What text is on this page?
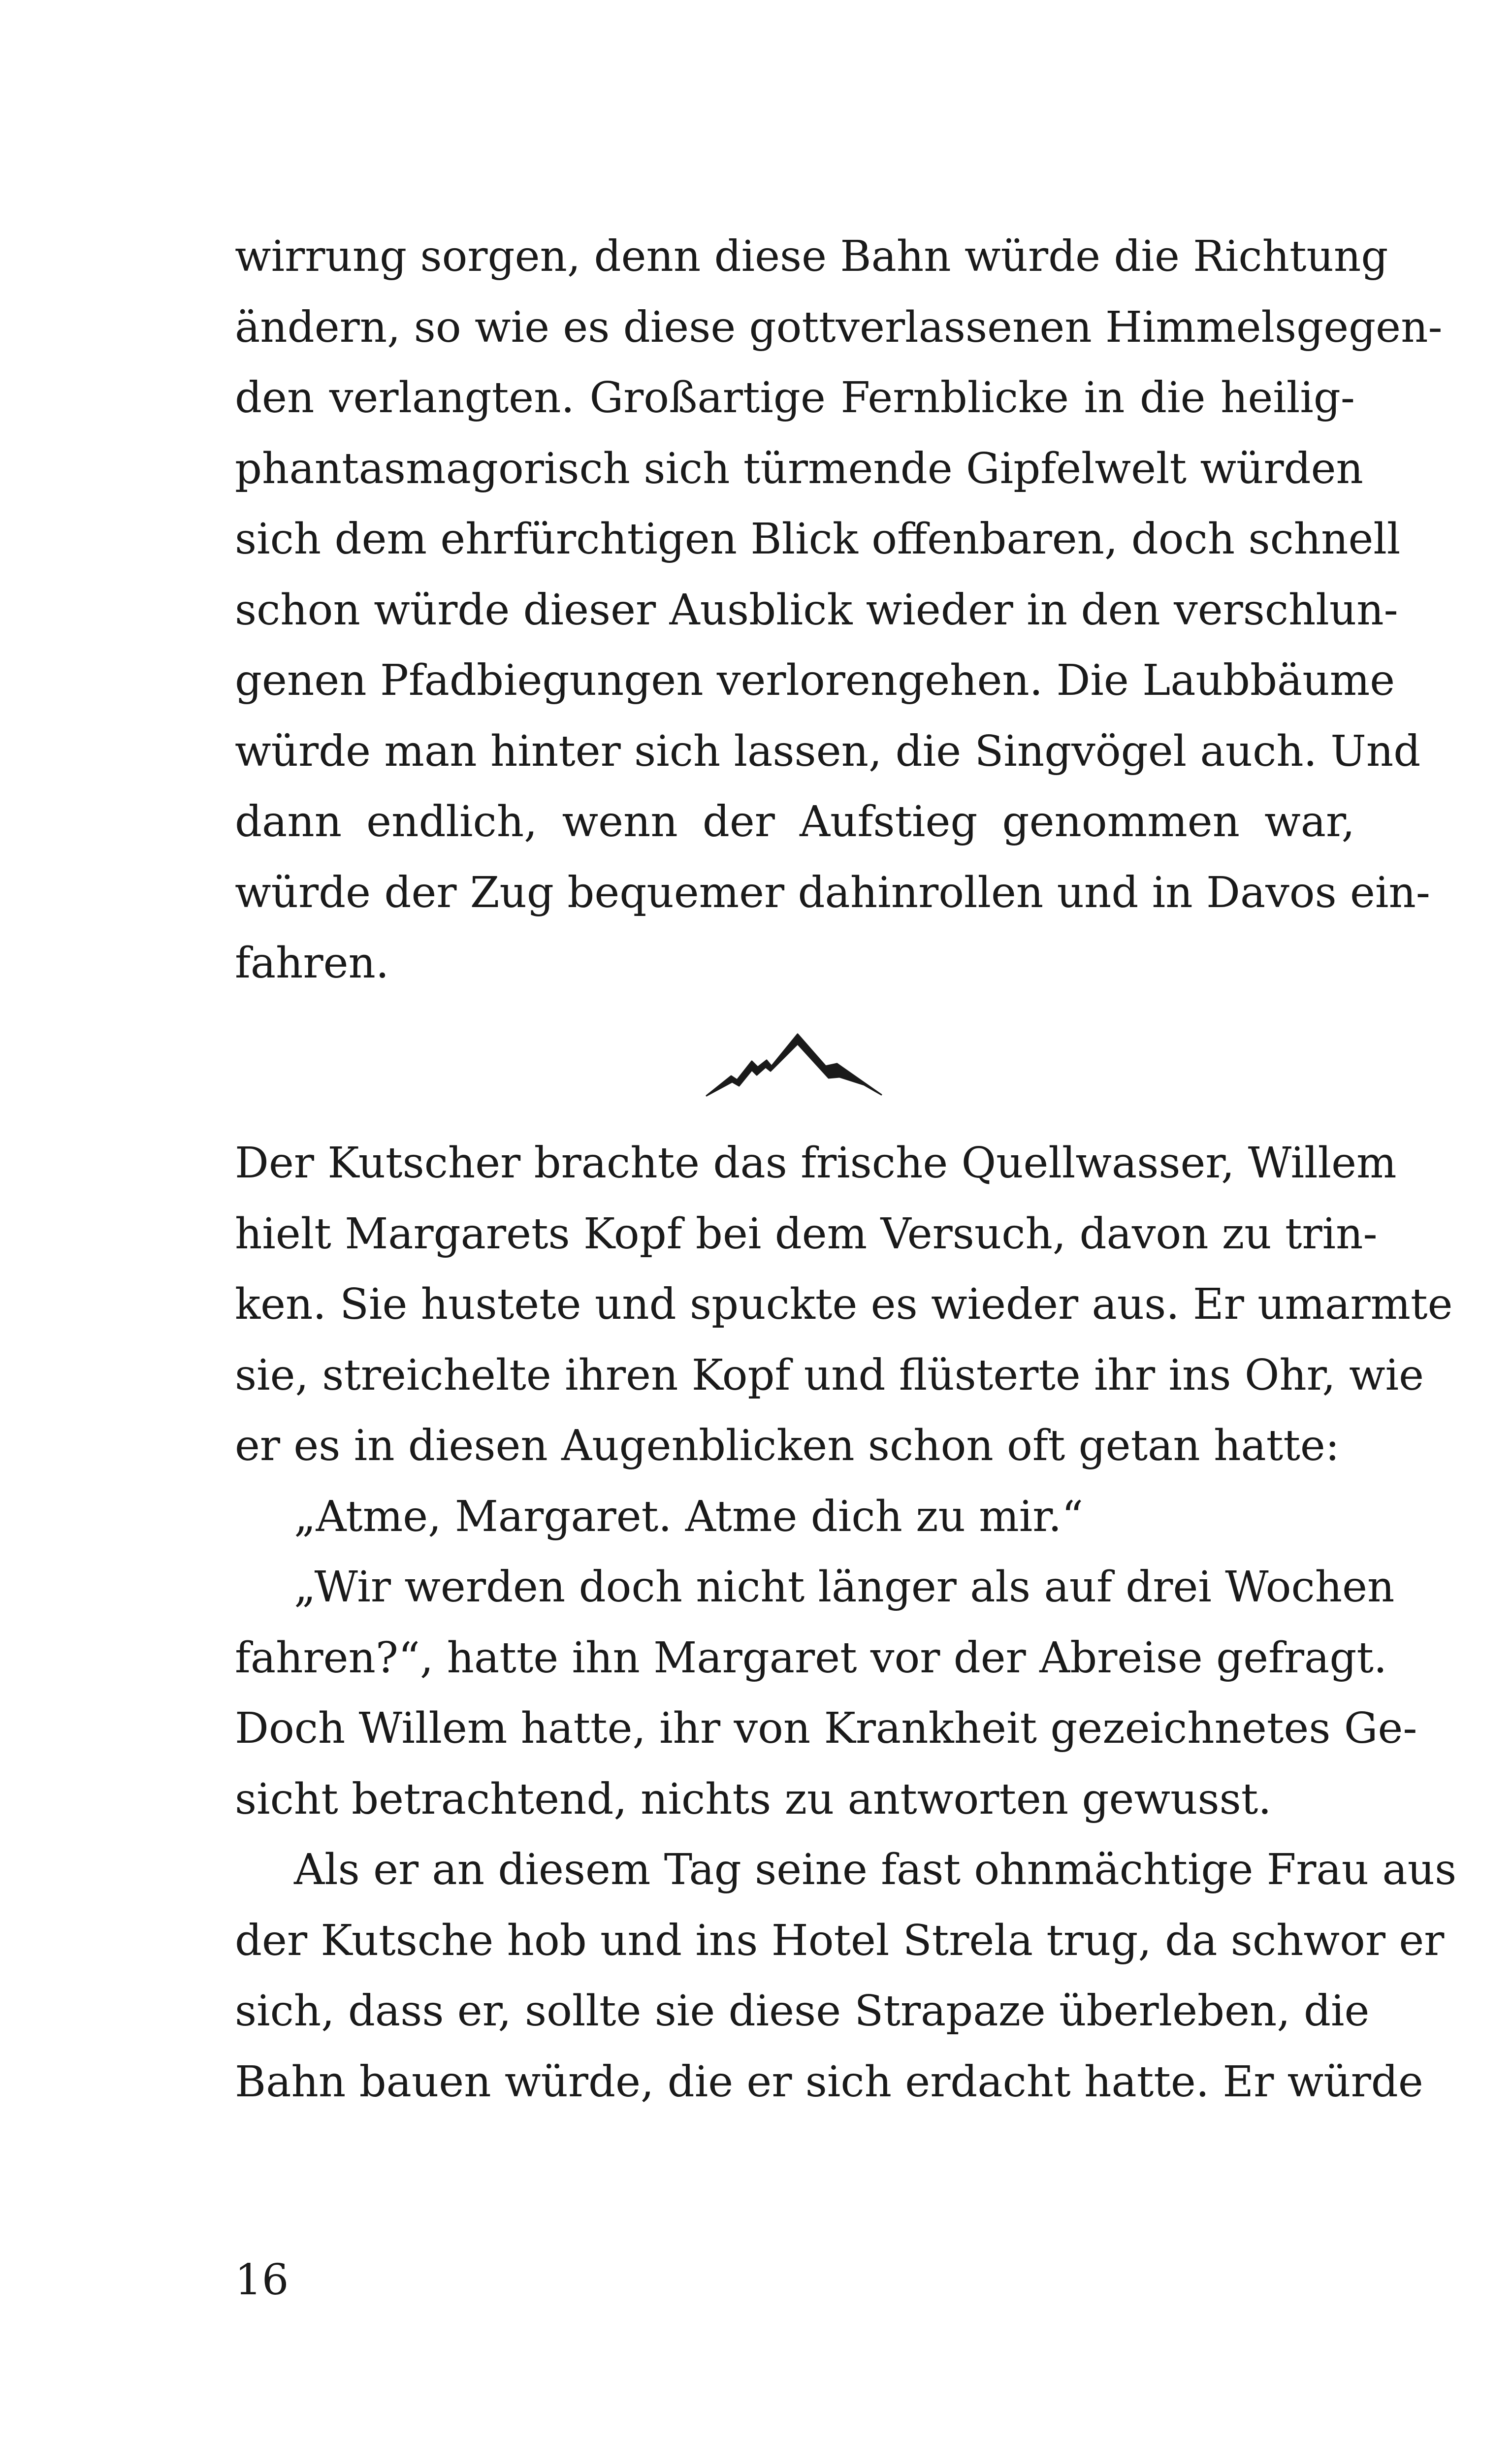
wirrung sorgen, denn diese Bahn würde die Richtung
ändern, so wie es diese gottverlassenen Himmelsgegen-
den verlangten. Großartige Fernblicke in die heilig-
phantasmagorisch sich türmende Gipfelwelt würden
sich dem ehrfürchtigen Blick offenbaren, doch schnell
schon würde dieser Ausblick wieder in den verschlun-
genen Pfadbiegungen verlorengehen. Die Laubbäume
würde man hinter sich lassen, die Singvögel auch. Und
dann endlich, wenn der Aufstieg genommen war,
würde der Zug bequemer dahinrollen und in Davos ein-
fahren.

Der Kutscher brachte das frische Quellwasser, Willem
hielt Margarets Kopf bei dem Versuch, davon zu trin-
ken. Sie hustete und spuckte es wieder aus. Er umarmte
sie, streichelte ihren Kopf und flüsterte ihr ins Ohr, wie
er es in diesen Augenblicken schon oft getan hatte:

„Atme, Margaret. Atme dich zu mir.“

„Wir werden doch nicht länger als auf drei Wochen
fahren?“, hatte ihn Margaret vor der Abreise gefragt.
Doch Willem hatte, ihr von Krankheit gezeichnetes Ge-
sicht betrachtend, nichts zu antworten gewusst.

Als er an diesem Tag seine fast ohnmächtige Frau aus
der Kutsche hob und ins Hotel Strela trug, da schwor er
sich, dass er, sollte sie diese Strapaze überleben, die
Bahn bauen würde, die er sich erdacht hatte. Er würde

16
